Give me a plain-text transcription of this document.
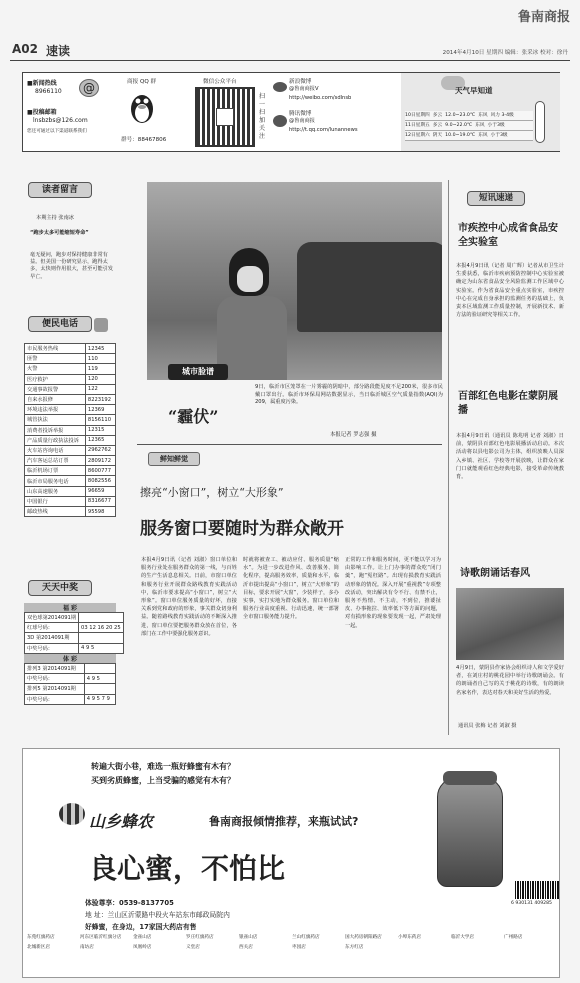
鲁南商报
A02 速读	2014年4月10日 星期四 编辑：张采冰 校对：徐丹
■新闻热线
8966110	@
■投稿邮箱
lnsbzbs@126.com
您还可通过以下渠道联系我们
商报 QQ 群
群号：88467806
微信公众平台
扫一扫 加关注
新浪微博
@鲁南商报V
http://weibo.com/sdlnsb
腾讯微博
@鲁南商报
http://t.qq.com/lunannews
天气早知道
10日星期四 多云 12.0~23.0℃ 东风 风力 3-4级
11日星期五 多云 9.0~22.0℃ 东风 小于3级
12日星期六 阴天 10.0~19.0℃ 东风 小于3级
读者留言
本期主持 张南冰
“跑步太多可能缩短寿命”
毫无疑问，跑步对保持健康非常有益。但美国一份研究显示，跑得太多，太快则作用很大，甚至可能引发早亡。
便民电话
市民服务热线	12345
匪警	110
火警	119
医疗救护	120
交通事故报警	122
自来水报修	8223192
环境违法举报	12369
城管执法	8156110
消费者投诉举报	12315
产品质量行政执法投诉	12365
火车站咨询电话	2962762
汽车客运总站订票	2809172
临沂机场订票	8600777
临沂市局服务电话	8082556
山东高速服务	96659
中国银行	8316677
邮政热线	95598
天天中奖
福 彩
双色球第2014091期	
红球号码：	03 12 16 20 25
3D 第2014091期	
中奖号码：	4 9 5
体 彩
排列3 第2014091期	
中奖号码：	4 9 5
排列5 第2014091期	
中奖号码：	4 9 5 7 9
城市脸谱
9日，临沂市区笼罩在一片雾霾的阴暗中，部分路段能见度不足200米，很多市民戴口罩出行。临沂市环保局网站数据显示，当日临沂城区空气质量指数(AQI)为209，属重度污染。
本报记者 罗志强 摄
“霾伏”
鲜知鲜觉
擦亮“小窗口”，树立“大形象”
服务窗口要随时为群众敞开
本报4月9日讯（记者 刘淑）窗口单位和服务行业处在服务群众的第一线，与百姓的生产生活息息相关。日前，市窗口单位和服务行业开展群众路线教育实践活动中，临沂市要求提高“小窗口”，树立“大形象”。窗口单位服务质量的好坏，直接关系到党和政府的形象，事关群众切身利益。随着路线教育实践活动的不断深入推进，窗口单位要把服务群众放在首位，各部门在工作中要强化服务意识。
时就将被查工、被动应付、服务质量“缩水”。为进一步改进作风、改善服务、简化程序，提高服务效率，质量和水平，临沂市提出提高“小窗口”，树立“大形象”的目标，要求开展“大窗”，少装样子，多办实事，实打实地为群众服务。窗口单位和服务行业高度重视、行动迅速，统一部署全市窗口服务能力提升。
正常的工作和服务时间，更不能以学习为由影响工作。让上门办事的群众吃“闭门羹”，跑“冤枉路”。出现有损教育实践活动形象的情况。深入开展“重视教”专项整改活动，突出解决有令不行、有禁不止，服务不热情、不主动，不到位，推诿扯皮、办事拖拉、效率低下等方面的问题，对有损形象的现象要发现一起，严肃处理一起。
短讯速递
市疾控中心成省食品安全实验室
本报4月9日讯（记者 周广辉）记者从市卫生计生委获悉，临沂市疾病预防控制中心实验室被确定为山东省食品安全风险监测工作区域中心实验室。作为省食品安全重点实验室，市疾控中心在完成自身承担的监测任务的基础上，负责本区域监测工作质量控制，开展新技术、新方法的验证研究等相关工作。
百部红色电影在蒙阴展播
本报4月9日讯（通讯员 陈兆明 记者 刘淑）日前，蒙阴县百部红色电影展播活动启动。本次活动将以县电影公司为主体，组织放映人员深入乡镇、社区、学校等开展放映，让群众在家门口就能观看红色经典电影，接受革命传统教育。
诗歌朗诵话春风
4月9日，蒙阴县作家协会组织诗人和文学爱好者，在刘庄村的桃花园中举行诗歌朗诵会。有的朗诵者自己写的关于桃花的诗歌，有的朗读名家名作，表达对春天和美好生活的热爱。
通讯员 张梅 记者 刘淑 摄
转遍大街小巷，难选一瓶好蜂蜜有木有？
买到劣质蜂蜜，上当受骗的感觉有木有？
山乡蜂农	鲁南商报倾情推荐，来瓶试试?
良心蜜，不怕比
体验尊享：0539-8137705
地 址：兰山区沂蒙路中段火车站东市邮政局院内
好蜂蜜，在身边，17家国大药店有售
6 930131 409285
东苑红旗药店	河东区临沂红旗分店	金雀山店	罗庄红旗药店	银雀山店	兰山红旗药店	国大药房朝阳路店	小埠东药店	临沂大学店	广州路店
北城新区店	南坊店	凤凰岭店	义堂店	西关店	枣园店	东方红店
